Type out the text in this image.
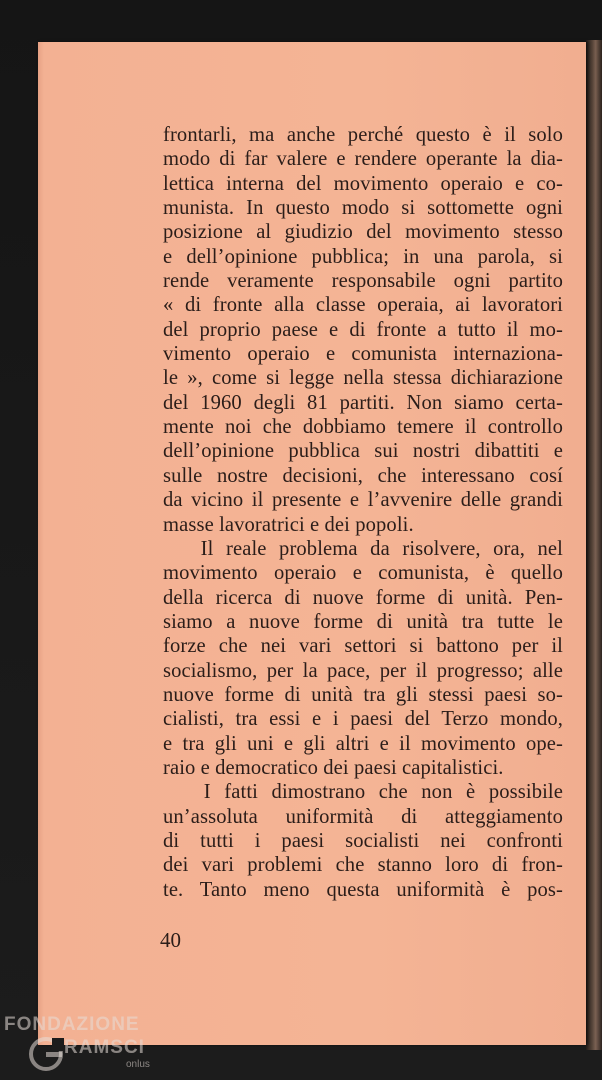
frontarli, ma anche perché questo è il solo
modo di far valere e rendere operante la dia-
lettica interna del movimento operaio e co-
munista. In questo modo si sottomette ogni
posizione al giudizio del movimento stesso
e dell’opinione pubblica; in una parola, si
rende veramente responsabile ogni partito
« di fronte alla classe operaia, ai lavoratori
del proprio paese e di fronte a tutto il mo-
vimento operaio e comunista internaziona-
le », come si legge nella stessa dichiarazione
del 1960 degli 81 partiti. Non siamo certa-
mente noi che dobbiamo temere il controllo
dell’opinione pubblica sui nostri dibattiti e
sulle nostre decisioni, che interessano cosí
da vicino il presente e l’avvenire delle grandi
masse lavoratrici e dei popoli.
Il reale problema da risolvere, ora, nel
movimento operaio e comunista, è quello
della ricerca di nuove forme di unità. Pen-
siamo a nuove forme di unità tra tutte le
forze che nei vari settori si battono per il
socialismo, per la pace, per il progresso; alle
nuove forme di unità tra gli stessi paesi so-
cialisti, tra essi e i paesi del Terzo mondo,
e tra gli uni e gli altri e il movimento ope-
raio e democratico dei paesi capitalistici.
I fatti dimostrano che non è possibile
un’assoluta uniformità di atteggiamento
di tutti i paesi socialisti nei confronti
dei vari problemi che stanno loro di fron-
te. Tanto meno questa uniformità è pos-
40
FONDAZIONE
RAMSCI
onlus
